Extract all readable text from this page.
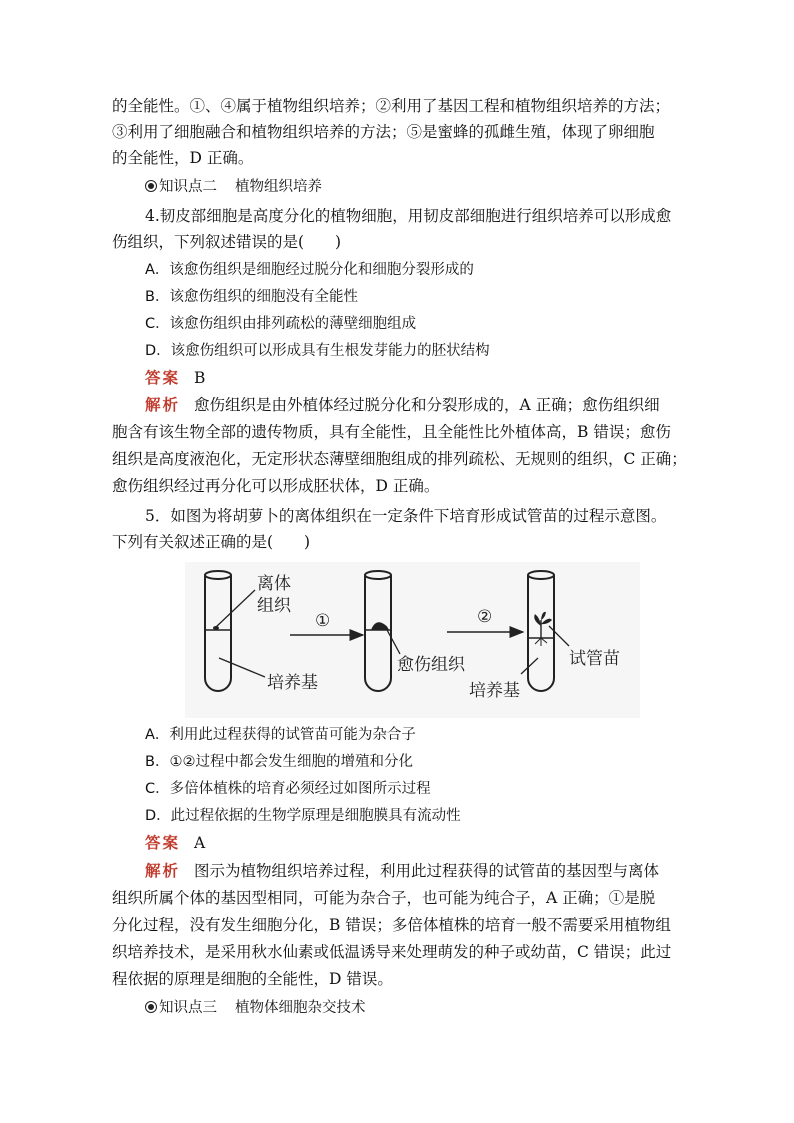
的全能性。①、④属于植物组织培养；②利用了基因工程和植物组织培养的方法；
③利用了细胞融合和植物组织培养的方法；⑤是蜜蜂的孤雌生殖，体现了卵细胞
的全能性，D 正确。
知识点二 植物组织培养
4.韧皮部细胞是高度分化的植物细胞，用韧皮部细胞进行组织培养可以形成愈
伤组织，下列叙述错误的是(　　)
A．该愈伤组织是细胞经过脱分化和细胞分裂形成的
B．该愈伤组织的细胞没有全能性
C．该愈伤组织由排列疏松的薄壁细胞组成
D．该愈伤组织可以形成具有生根发芽能力的胚状结构
答案 B
解析 愈伤组织是由外植体经过脱分化和分裂形成的，A 正确；愈伤组织细
胞含有该生物全部的遗传物质，具有全能性，且全能性比外植体高，B 错误；愈伤
组织是高度液泡化，无定形状态薄壁细胞组成的排列疏松、无规则的组织，C 正确；
愈伤组织经过再分化可以形成胚状体，D 正确。
5．如图为将胡萝卜的离体组织在一定条件下培育形成试管苗的过程示意图。
下列有关叙述正确的是(　　)
离体
组织
培养基
①
愈伤组织
②
试管苗
培养基
A．利用此过程获得的试管苗可能为杂合子
B．①②过程中都会发生细胞的增殖和分化
C．多倍体植株的培育必须经过如图所示过程
D．此过程依据的生物学原理是细胞膜具有流动性
答案 A
解析 图示为植物组织培养过程，利用此过程获得的试管苗的基因型与离体
组织所属个体的基因型相同，可能为杂合子，也可能为纯合子，A 正确；①是脱
分化过程，没有发生细胞分化，B 错误；多倍体植株的培育一般不需要采用植物组
织培养技术，是采用秋水仙素或低温诱导来处理萌发的种子或幼苗，C 错误；此过
程依据的原理是细胞的全能性，D 错误。
知识点三 植物体细胞杂交技术
